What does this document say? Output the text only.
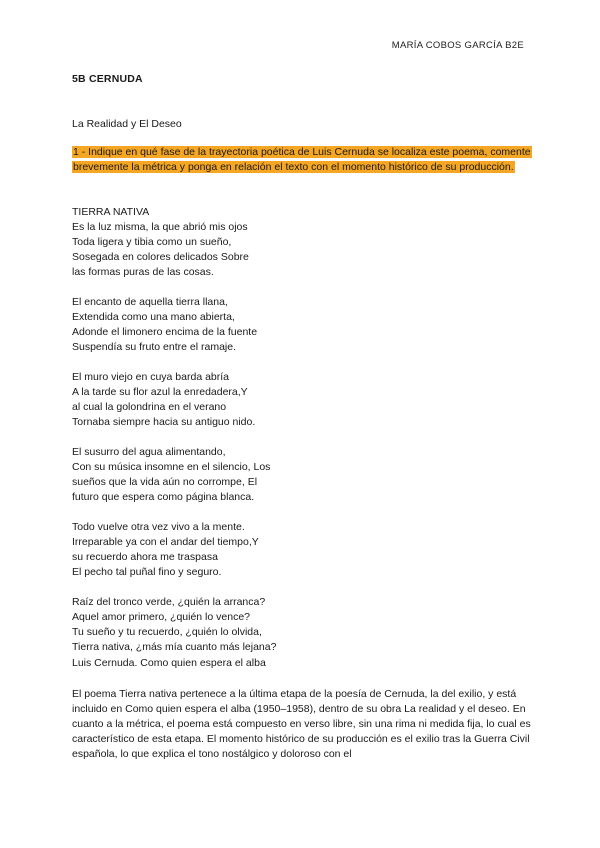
MARÍA COBOS GARCÍA B2E
5B CERNUDA
La Realidad y El Deseo
1 - Indique en qué fase de la trayectoria poética de Luis Cernuda se localiza este poema, comente brevemente la métrica y ponga en relación el texto con el momento histórico de su producción.
TIERRA NATIVA
Es la luz misma, la que abrió mis ojos
Toda ligera y tibia como un sueño,
Sosegada en colores delicados Sobre
las formas puras de las cosas.
El encanto de aquella tierra llana,
Extendida como una mano abierta,
Adonde el limonero encima de la fuente
Suspendía su fruto entre el ramaje.
El muro viejo en cuya barda abría
A la tarde su flor azul la enredadera,Y
al cual la golondrina en el verano
Tornaba siempre hacia su antiguo nido.
El susurro del agua alimentando,
Con su música insomne en el silencio, Los
sueños que la vida aún no corrompe, El
futuro que espera como página blanca.
Todo vuelve otra vez vivo a la mente.
Irreparable ya con el andar del tiempo,Y
su recuerdo ahora me traspasa
El pecho tal puñal fino y seguro.
Raíz del tronco verde, ¿quién la arranca?
Aquel amor primero, ¿quién lo vence?
Tu sueño y tu recuerdo, ¿quién lo olvida,
Tierra nativa, ¿más mía cuanto más lejana?
Luis Cernuda. Como quien espera el alba

El poema Tierra nativa pertenece a la última etapa de la poesía de Cernuda, la del exilio, y está incluido en Como quien espera el alba (1950–1958), dentro de su obra La realidad y el deseo. En cuanto a la métrica, el poema está compuesto en verso libre, sin una rima ni medida fija, lo cual es característico de esta etapa. El momento histórico de su producción es el exilio tras la Guerra Civil española, lo que explica el tono nostálgico y doloroso con el
